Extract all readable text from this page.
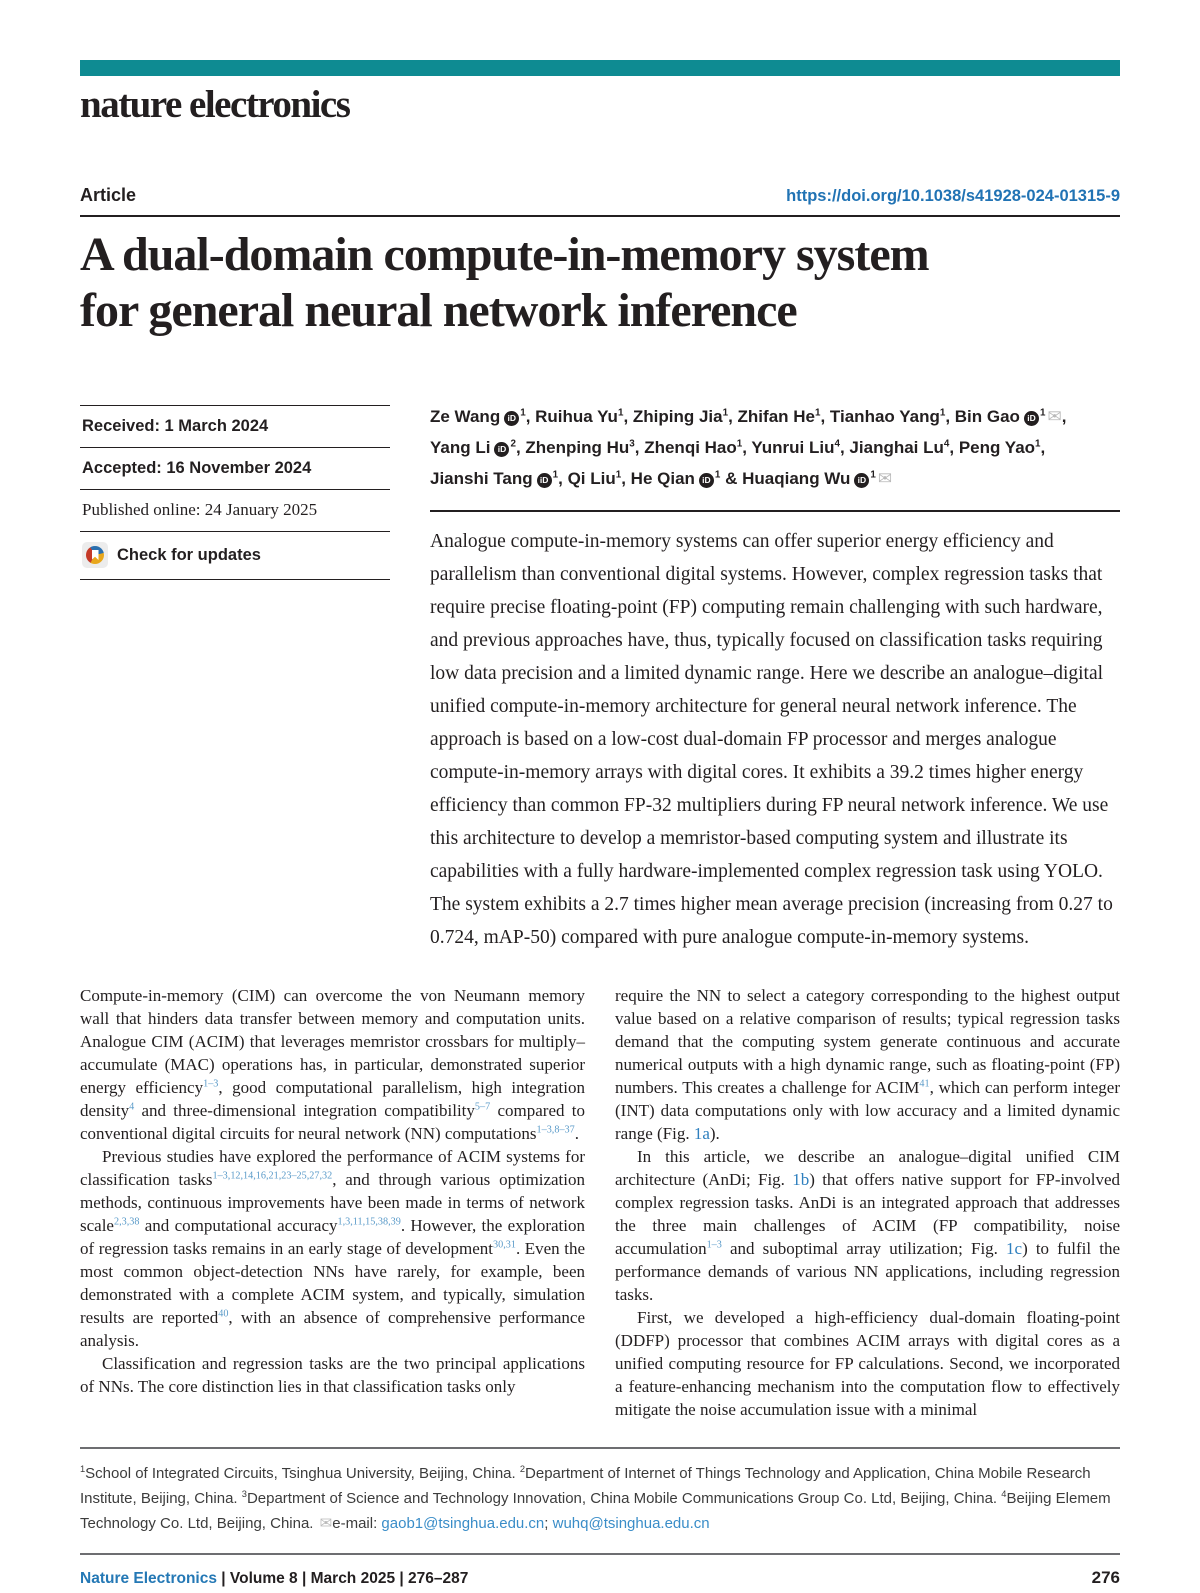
nature electronics
Article	https://doi.org/10.1038/s41928-024-01315-9
A dual-domain compute-in-memory system
for general neural network inference
Received: 1 March 2024
Accepted: 16 November 2024
Published online: 24 January 2025
Check for updates
Ze Wang iD $^1$, Ruihua Yu$^1$, Zhiping Jia$^1$, Zhifan He$^1$, Tianhao Yang$^1$, Bin Gao iD $^1$ ✉,
Yang Li iD $^2$, Zhenping Hu$^3$, Zhenqi Hao$^1$, Yunrui Liu$^4$, Jianghai Lu$^4$, Peng Yao$^1$,
Jianshi Tang iD $^1$, Qi Liu$^1$, He Qian iD $^1$ & Huaqiang Wu iD $^1$ ✉
Analogue compute-in-memory systems can offer superior energy efficiency and parallelism than conventional digital systems. However, complex regression tasks that require precise floating-point (FP) computing remain challenging with such hardware, and previous approaches have, thus, typically focused on classification tasks requiring low data precision and a limited dynamic range. Here we describe an analogue–digital unified compute-in-memory architecture for general neural network inference. The approach is based on a low-cost dual-domain FP processor and merges analogue compute-in-memory arrays with digital cores. It exhibits a 39.2 times higher energy efficiency than common FP-32 multipliers during FP neural network inference. We use this architecture to develop a memristor-based computing system and illustrate its capabilities with a fully hardware-implemented complex regression task using YOLO. The system exhibits a 2.7 times higher mean average precision (increasing from 0.27 to 0.724, mAP-50) compared with pure analogue compute-in-memory systems.

Compute-in-memory (CIM) can overcome the von Neumann memory wall that hinders data transfer between memory and computation units. Analogue CIM (ACIM) that leverages memristor crossbars for multiply–accumulate (MAC) operations has, in particular, demonstrated superior energy efficiency$^{1-3}$, good computational parallelism, high integration density$^4$ and three-dimensional integration compatibility$^{5-7}$ compared to conventional digital circuits for neural network (NN) computations$^{1-3,8-37}$.

Previous studies have explored the performance of ACIM systems for classification tasks$^{1-3,12,14,16,21,23-25,27,32}$, and through various optimization methods, continuous improvements have been made in terms of network scale$^{2,3,38}$ and computational accuracy$^{1,3,11,15,38,39}$. However, the exploration of regression tasks remains in an early stage of development$^{30,31}$. Even the most common object-detection NNs have rarely, for example, been demonstrated with a complete ACIM system, and typically, simulation results are reported$^{40}$, with an absence of comprehensive performance analysis.

Classification and regression tasks are the two principal applications of NNs. The core distinction lies in that classification tasks only

require the NN to select a category corresponding to the highest output value based on a relative comparison of results; typical regression tasks demand that the computing system generate continuous and accurate numerical outputs with a high dynamic range, such as floating-point (FP) numbers. This creates a challenge for ACIM$^{41}$, which can perform integer (INT) data computations only with low accuracy and a limited dynamic range (Fig. 1a).

In this article, we describe an analogue–digital unified CIM architecture (AnDi; Fig. 1b) that offers native support for FP-involved complex regression tasks. AnDi is an integrated approach that addresses the three main challenges of ACIM (FP compatibility, noise accumulation$^{1-3}$ and suboptimal array utilization; Fig. 1c) to fulfil the performance demands of various NN applications, including regression tasks.

First, we developed a high-efficiency dual-domain floating-point (DDFP) processor that combines ACIM arrays with digital cores as a unified computing resource for FP calculations. Second, we incorporated a feature-enhancing mechanism into the computation flow to effectively mitigate the noise accumulation issue with a minimal

$^1$School of Integrated Circuits, Tsinghua University, Beijing, China. $^2$Department of Internet of Things Technology and Application, China Mobile Research Institute, Beijing, China. $^3$Department of Science and Technology Innovation, China Mobile Communications Group Co. Ltd, Beijing, China. $^4$Beijing Elemem Technology Co. Ltd, Beijing, China. ✉e-mail: gaob1@tsinghua.edu.cn; wuhq@tsinghua.edu.cn
Nature Electronics | Volume 8 | March 2025 | 276–287	276
